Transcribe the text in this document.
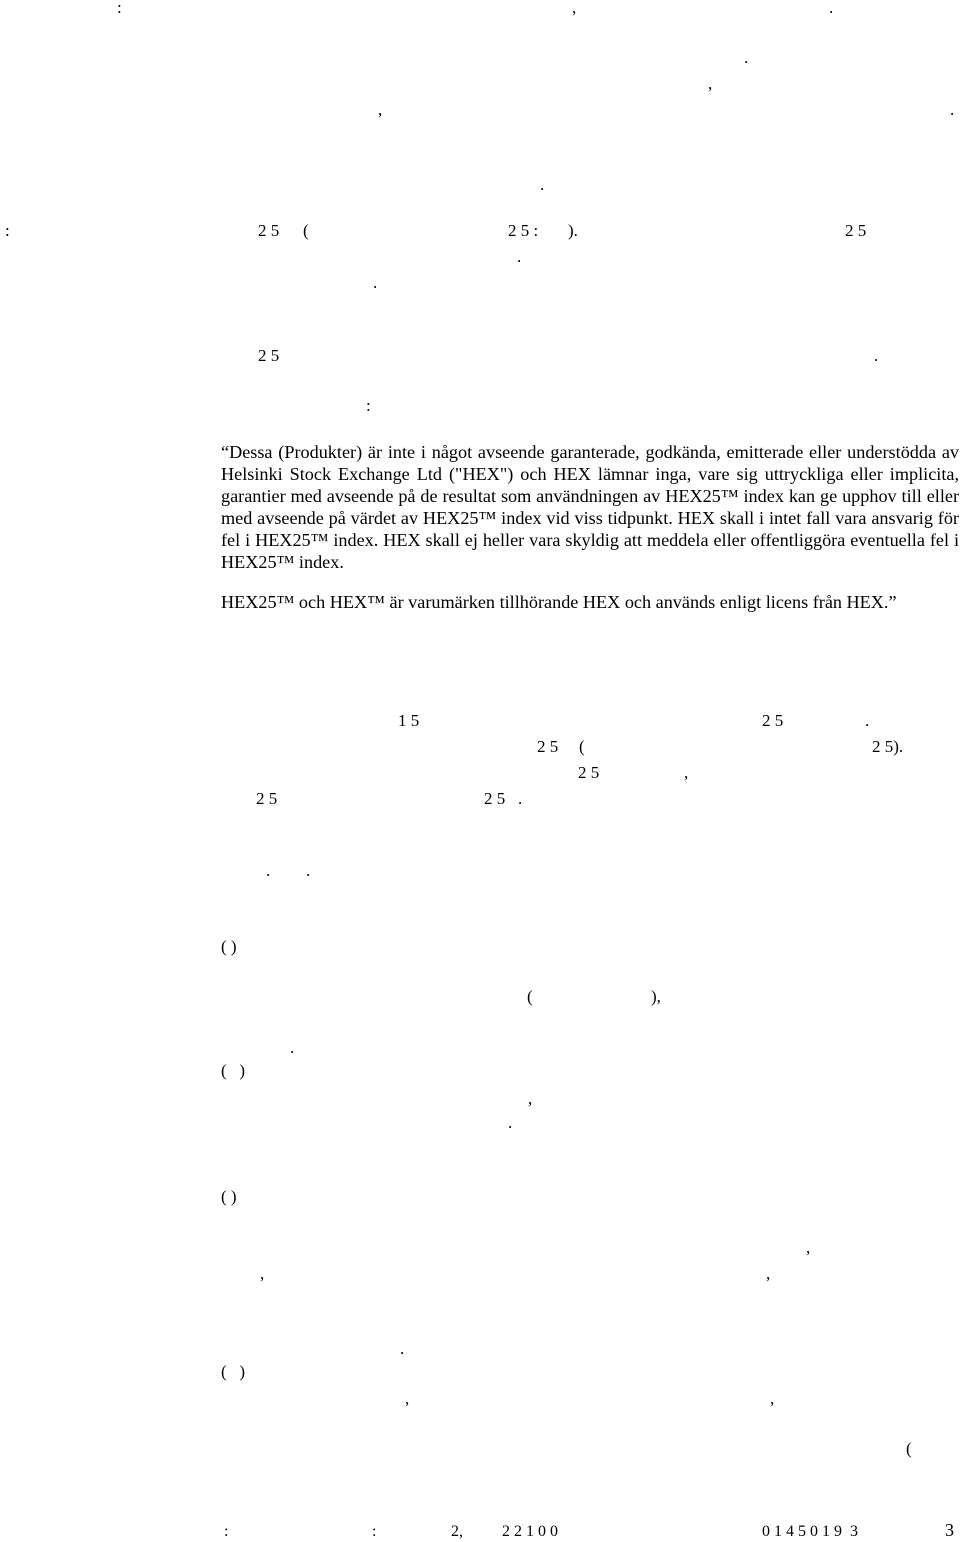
:	,	.
.
,
,	.
.
:	2 5 (	2 5 : ).	2 5
.
.
2 5	.
:

“Dessa (Produkter) är inte i något avseende garanterade, godkända, emitterade eller understödda av Helsinki Stock Exchange Ltd ("HEX") och HEX lämnar inga, vare sig uttryckliga eller implicita, garantier med avseende på de resultat som användningen av HEX25™ index kan ge upphov till eller med avseende på värdet av HEX25™ index vid viss tidpunkt. HEX skall i intet fall vara ansvarig för fel i HEX25™ index. HEX skall ej heller vara skyldig att meddela eller offentliggöra eventuella fel i HEX25™ index.

HEX25™ och HEX™ är varumärken tillhörande HEX och används enligt licens från HEX.”

1 5	2 5	.
2 5 (	2 5).
2 5	,
2 5	2 5 .
. .
( )
(	),
.
(   )
,
.
( )
,
,	,
.
(   )
,	,
(
:	:	2, 2 2 1 0 0	0 1 4 5 0 1 9  3	3
